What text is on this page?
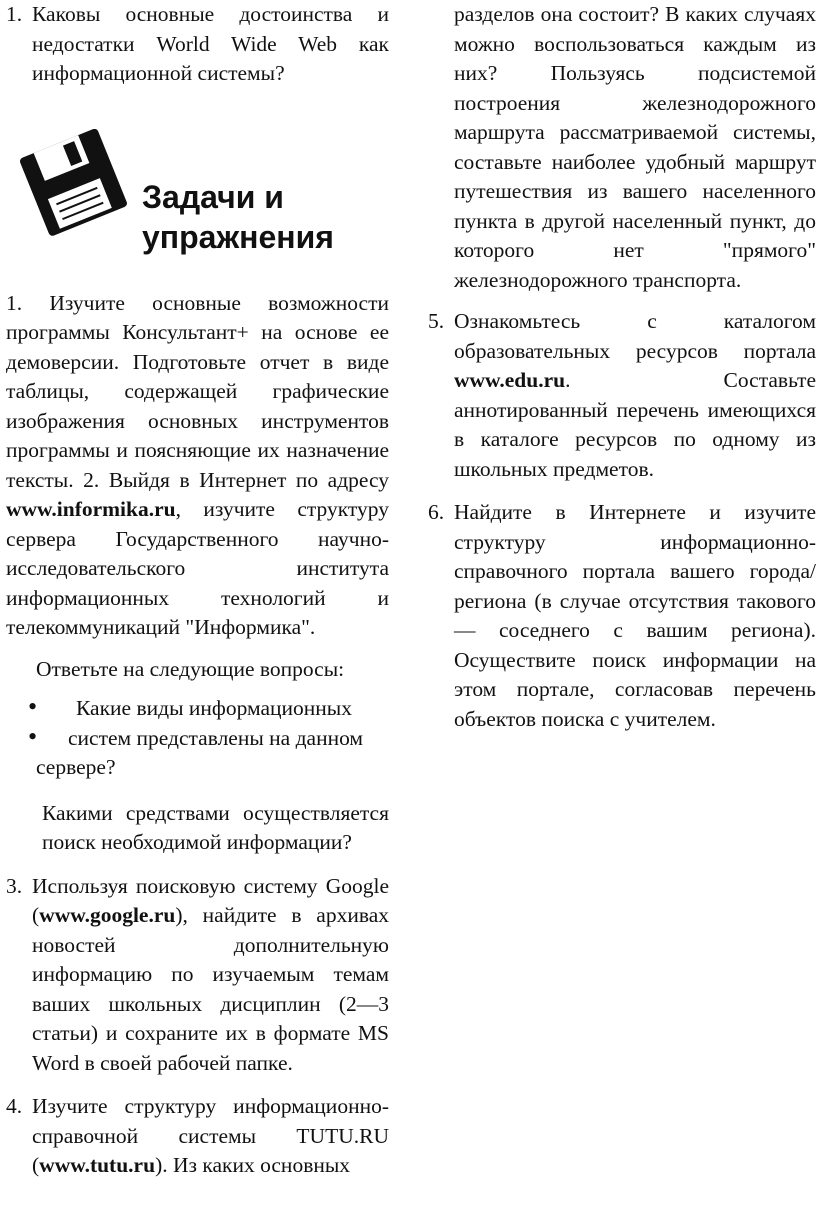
1. Каковы основные достоинства и недостатки World Wide Web как информационной системы?
Задачи и упражнения

1. Изучите основные возможности программы Консультант+ на основе ее демоверсии. Подготовьте отчет в виде таблицы, содержащей графические изображения основных инструментов программы и поясняющие их назначение тексты. 2. Выйдя в Интернет по адресу www.informika.ru, изучите структуру сервера Государственного научно-исследовательского института информационных технологий и телекоммуникаций "Информика".

Ответьте на следующие вопросы:

•	Какие виды информационных
•	систем представлены на данном
сервере?

Какими средствами осуществляется поиск необходимой информации?

3. Используя поисковую систему Google (www.google.ru), найдите в архивах новостей дополнительную информацию по изучаемым темам ваших школьных дисциплин (2—3 статьи) и сохраните их в формате MS Word в своей рабочей папке.
4. Изучите структуру информационно-справочной системы TUTU.RU (www.tutu.ru). Из каких основных

разделов она состоит? В каких случаях можно воспользоваться каждым из них? Пользуясь подсистемой построения железнодорожного маршрута рассматриваемой системы, составьте наиболее удобный маршрут путешествия из вашего населенного пункта в другой населенный пункт, до которого нет "прямого" железнодорожного транспорта.

5. Ознакомьтесь с каталогом образовательных ресурсов портала www.edu.ru. Составьте аннотированный перечень имеющихся в каталоге ресурсов по одному из школьных предметов.
6. Найдите в Интернете и изучите структуру информационно-справочного портала вашего города/региона (в случае отсутствия такового — соседнего с вашим региона). Осуществите поиск информации на этом портале, согласовав перечень объектов поиска с учителем.
